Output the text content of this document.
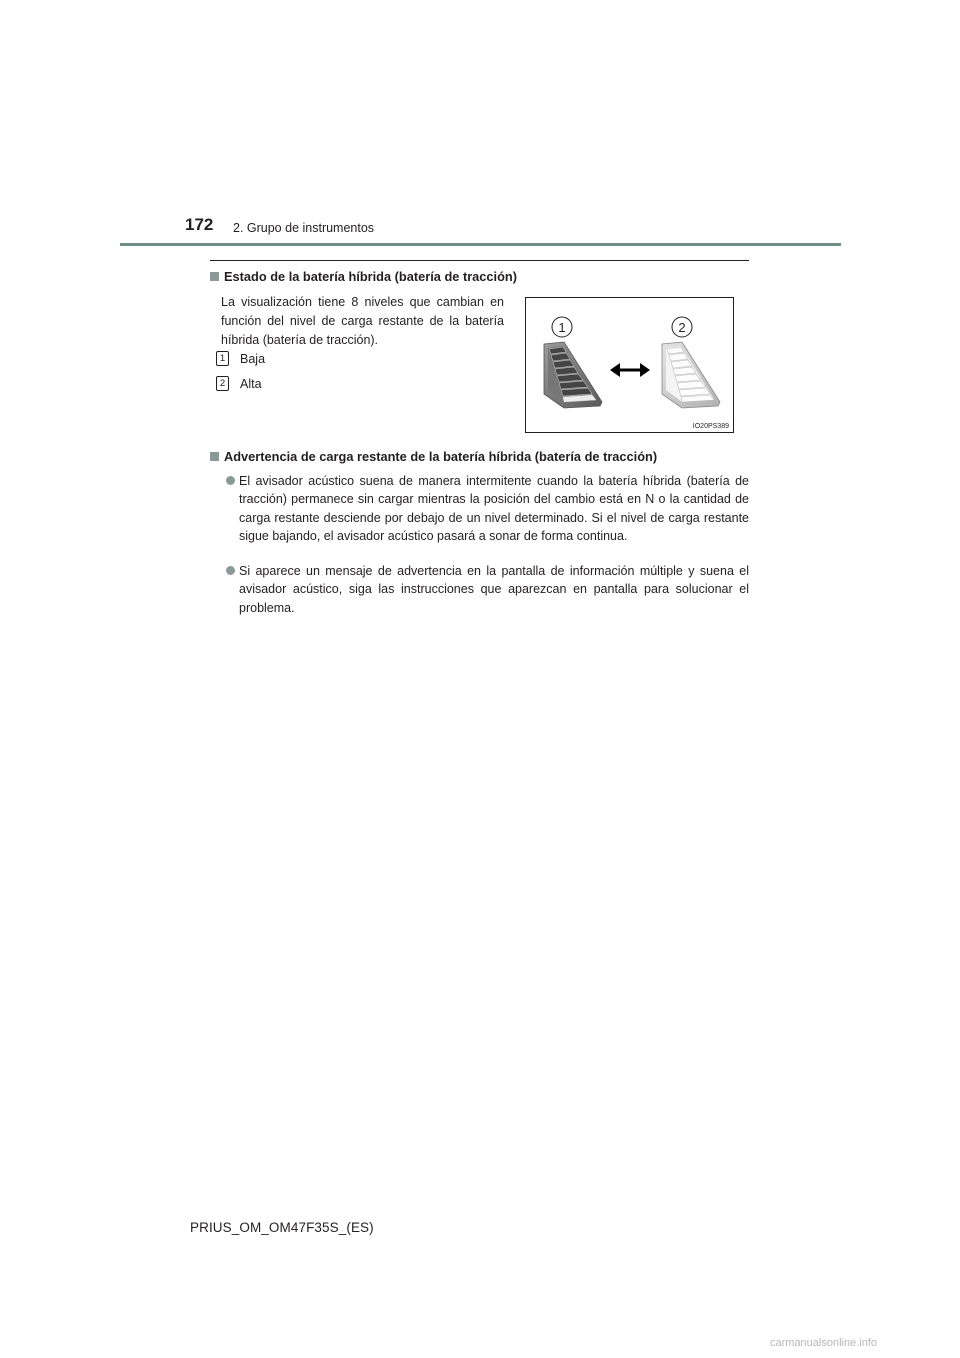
172 2. Grupo de instrumentos
Estado de la batería híbrida (batería de tracción)
La visualización tiene 8 niveles que cambian en función del nivel de carga restante de la batería híbrida (batería de tracción).
1	Baja
2	Alta
1	2
IO20PS389
Advertencia de carga restante de la batería híbrida (batería de tracción)
El avisador acústico suena de manera intermitente cuando la batería híbrida (batería de tracción) permanece sin cargar mientras la posición del cambio está en N o la cantidad de carga restante desciende por debajo de un nivel determinado. Si el nivel de carga restante sigue bajando, el avisador acústico pasará a sonar de forma continua.
Si aparece un mensaje de advertencia en la pantalla de información múltiple y suena el avisador acústico, siga las instrucciones que aparezcan en pantalla para solucionar el problema.
PRIUS_OM_OM47F35S_(ES)
carmanualsonline.info
